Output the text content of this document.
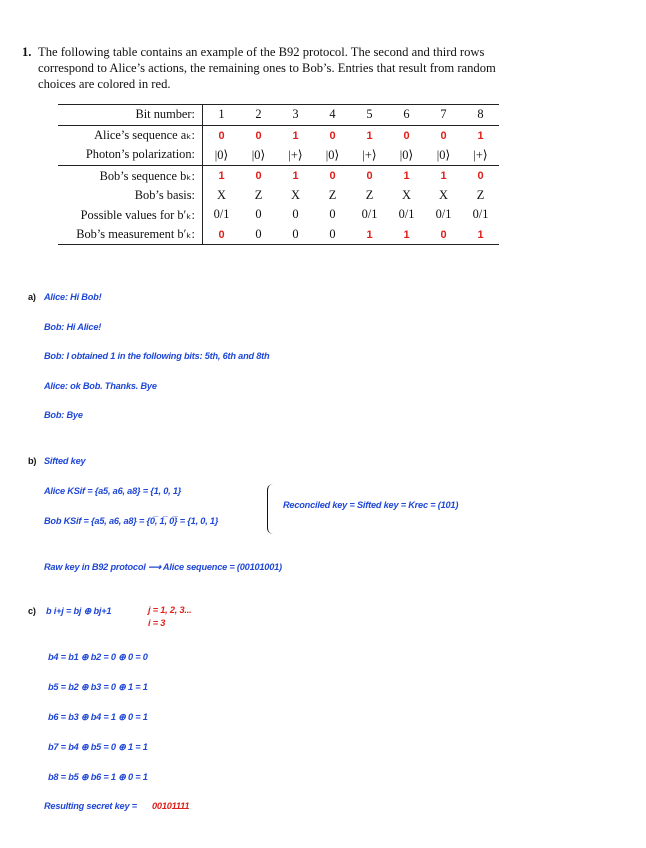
1. The following table contains an example of the B92 protocol. The second and third rows correspond to Alice’s actions, the remaining ones to Bob’s. Entries that result from random choices are colored in red.

Bit number:	1	2	3	4	5	6	7	8
Alice’s sequence aₖ:	0	0	1	0	1	0	0	1
Photon’s polarization:	|0⟩	|0⟩	|+⟩	|0⟩	|+⟩	|0⟩	|0⟩	|+⟩
Bob’s sequence bₖ:	1	0	1	0	0	1	1	0
Bob’s basis:	X	Z	X	Z	Z	X	X	Z
Possible values for b′ₖ:	0/1	0	0	0	0/1	0/1	0/1	0/1
Bob’s measurement b′ₖ:	0	0	0	0	1	1	0	1
a) Alice: Hi Bob!
Bob: Hi Alice!
Bob: I obtained 1 in the following bits: 5th, 6th and 8th
Alice: ok Bob. Thanks. Bye
Bob: Bye
b) Sifted key
Alice KSif = {a5, a6, a8} = {1, 0, 1}
Bob KSif = {a5, a6, a8} = {0̅, 1̅, 0̅} = {1, 0, 1}
Reconciled key = Sifted key = Krec = (101)
Raw key in B92 protocol ⟶ Alice sequence = (00101001)
c) b i+j = bj ⊕ bj+1	j = 1, 2, 3...
i = 3
b4 = b1 ⊕ b2 = 0 ⊕ 0 = 0
b5 = b2 ⊕ b3 = 0 ⊕ 1 = 1
b6 = b3 ⊕ b4 = 1 ⊕ 0 = 1
b7 = b4 ⊕ b5 = 0 ⊕ 1 = 1
b8 = b5 ⊕ b6 = 1 ⊕ 0 = 1
Resulting secret key = 00101111
